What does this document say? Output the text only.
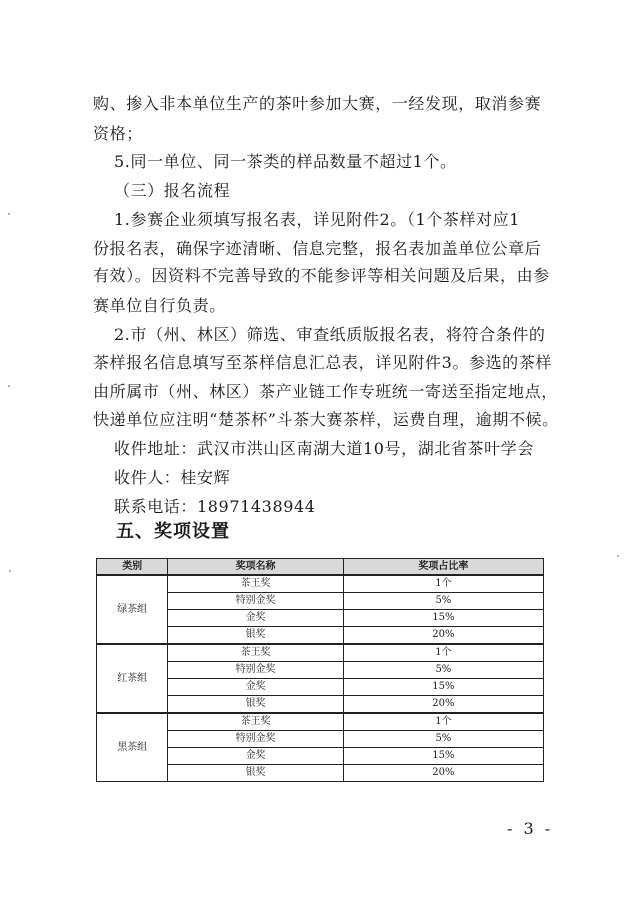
购、掺入非本单位生产的茶叶参加大赛，一经发现，取消参赛
资格；
5.同一单位、同一茶类的样品数量不超过1个。
（三）报名流程
1.参赛企业须填写报名表，详见附件2。（1个茶样对应1
份报名表，确保字迹清晰、信息完整，报名表加盖单位公章后
有效）。因资料不完善导致的不能参评等相关问题及后果，由参
赛单位自行负责。
2.市（州、林区）筛选、审查纸质版报名表，将符合条件的
茶样报名信息填写至茶样信息汇总表，详见附件3。参选的茶样
由所属市（州、林区）茶产业链工作专班统一寄送至指定地点，
快递单位应注明“楚茶杯”斗茶大赛茶样，运费自理，逾期不候。
收件地址：武汉市洪山区南湖大道10号，湖北省茶叶学会
收件人：桂安辉
联系电话：18971438944
五、奖项设置
类别	奖项名称	奖项占比率
绿茶组	茶王奖	1个
	特别金奖	5%
	金奖	15%
	银奖	20%
红茶组	茶王奖	1个
	特别金奖	5%
	金奖	15%
	银奖	20%
黑茶组	茶王奖	1个
	特别金奖	5%
	金奖	15%
	银奖	20%
- 3 -
